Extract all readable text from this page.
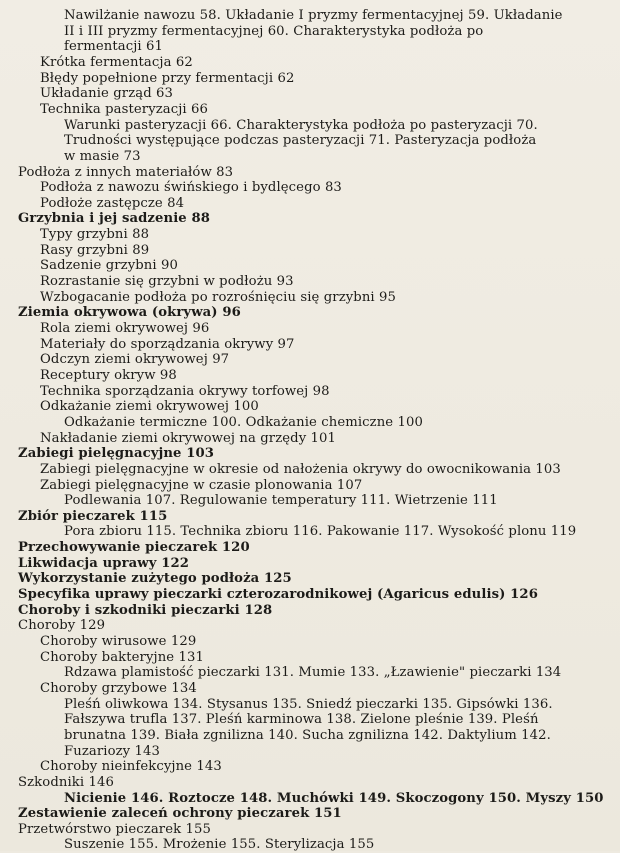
Nawilżanie nawozu 58. Układanie I pryzmy fermentacyjnej 59. Układanie
II i III pryzmy fermentacyjnej 60. Charakterystyka podłoża po
fermentacji 61
Krótka fermentacja 62
Błędy popełnione przy fermentacji 62
Układanie grząd 63
Technika pasteryzacji 66
Warunki pasteryzacji 66. Charakterystyka podłoża po pasteryzacji 70.
Trudności występujące podczas pasteryzacji 71. Pasteryzacja podłoża
w masie 73
Podłoża z innych materiałów 83
Podłoża z nawozu świńskiego i bydlęcego 83
Podłoże zastępcze 84
Grzybnia i jej sadzenie 88
Typy grzybni 88
Rasy grzybni 89
Sadzenie grzybni 90
Rozrastanie się grzybni w podłożu 93
Wzbogacanie podłoża po rozrośnięciu się grzybni 95
Ziemia okrywowa (okrywa) 96
Rola ziemi okrywowej 96
Materiały do sporządzania okrywy 97
Odczyn ziemi okrywowej 97
Receptury okryw 98
Technika sporządzania okrywy torfowej 98
Odkażanie ziemi okrywowej 100
Odkażanie termiczne 100. Odkażanie chemiczne 100
Nakładanie ziemi okrywowej na grzędy 101
Zabiegi pielęgnacyjne 103
Zabiegi pielęgnacyjne w okresie od nałożenia okrywy do owocnikowania 103
Zabiegi pielęgnacyjne w czasie plonowania 107
Podlewania 107. Regulowanie temperatury 111. Wietrzenie 111
Zbiór pieczarek 115
Pora zbioru 115. Technika zbioru 116. Pakowanie 117. Wysokość plonu 119
Przechowywanie pieczarek 120
Likwidacja uprawy 122
Wykorzystanie zużytego podłoża 125
Specyfika uprawy pieczarki czterozarodnikowej (Agaricus edulis) 126
Choroby i szkodniki pieczarki 128
Choroby 129
Choroby wirusowe 129
Choroby bakteryjne 131
Rdzawa plamistość pieczarki 131. Mumie 133. „Łzawienie" pieczarki 134
Choroby grzybowe 134
Pleśń oliwkowa 134. Stysanus 135. Sniedź pieczarki 135. Gipsówki 136.
Fałszywa trufla 137. Pleśń karminowa 138. Zielone pleśnie 139. Pleśń
brunatna 139. Biała zgnilizna 140. Sucha zgnilizna 142. Daktylium 142.
Fuzariozy 143
Choroby nieinfekcyjne 143
Szkodniki 146
Nicienie 146. Roztocze 148. Muchówki 149. Skoczogony 150. Myszy 150
Zestawienie zaleceń ochrony pieczarek 151
Przetwórstwo pieczarek 155
Suszenie 155. Mrożenie 155. Sterylizacja 155
